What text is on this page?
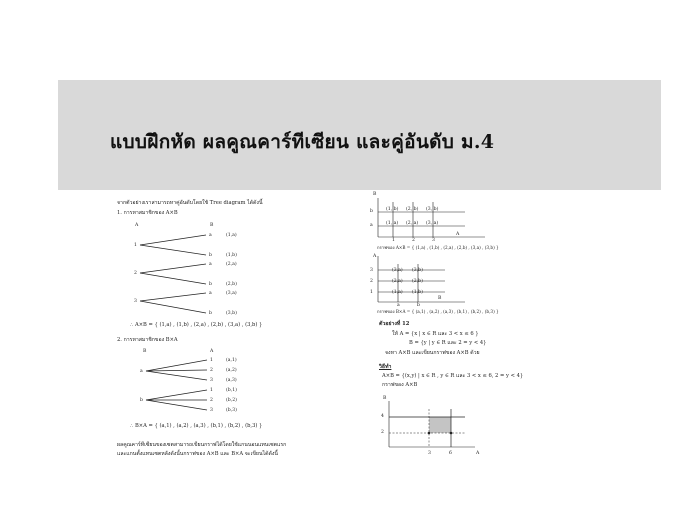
แบบฝึกหัด ผลคูณคาร์ทีเซียน และคู่อันดับ ม.4
จากตัวอย่างเราสามารถหาคู่อันดับโดยใช้ Tree diagram ได้ดังนี้
1. การหาสมาชิกของ A×B
A	B
1
2
3
a
b
a
b
a
b
(1,a)
(1,b)
(2,a)
(2,b)
(3,a)
(3,b)
∴ A×B = { (1,a) , (1,b) , (2,a) , (2,b) , (3,a) , (3,b) }
2. การหาสมาชิกของ B×A
B	A
a
b
1
2
3
1
2
3
(a,1)
(a,2)
(a,3)
(b,1)
(b,2)
(b,3)
∴ B×A = { (a,1) , (a,2) , (a,3) , (b,1) , (b,2) , (b,3) }
ผลคูณคาร์ทีเซียนของเซตสามารถเขียนกราฟได้โดยใช้แกนนอนแทนเซตแรก
และแกนตั้งแทนเซตหลังดังนั้นกราฟของ A×B และ B×A จะเขียนได้ดังนี้
B
b
a
(1, b) (2, b) (3, b)
(1, a) (2, a) (3, a)
1	2	3
A
กราฟของ A×B = { (1,a) , (1,b) , (2,a) , (2,b) , (3,a) , (3,b) }
A
3
2
1
(3,a) (3,b)
(2,a) (2,b)
(1,a) (1,b)
a	b
B
กราฟของ B×A = { (a,1) , (a,2) , (a,3) , (b,1) , (b,2) , (b,3) }
ตัวอย่างที่ 12
ให้ A = {x | x ∈ R และ 3 < x ≤ 6 }
B = {y | y ∈ R และ 2 = y < 4}
จงหา A×B และเขียนกราฟของ A×B ด้วย
วิธีทำ
A×B = {(x,y) | x ∈ R , y ∈ R และ 3 < x ≤ 6, 2 = y < 4}
กราฟของ A×B
B
4
2
3	6	A
